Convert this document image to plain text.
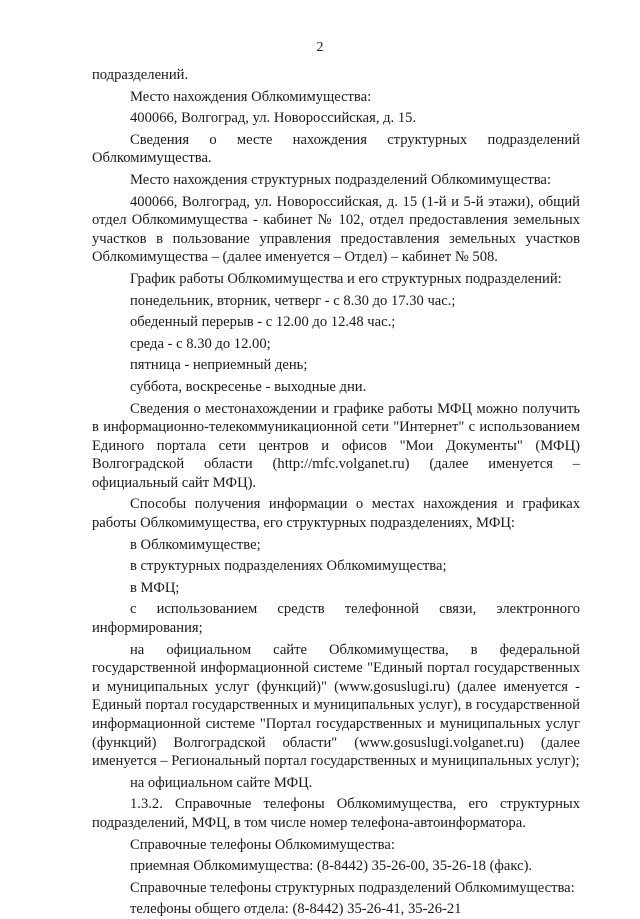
2

подразделений.

Место нахождения Облкомимущества:

400066, Волгоград, ул. Новороссийская, д. 15.

Сведения о месте нахождения структурных подразделений Облкомимущества.

Место нахождения структурных подразделений Облкомимущества:

400066, Волгоград, ул. Новороссийская, д. 15 (1-й и 5-й этажи), общий отдел Облкомимущества - кабинет № 102, отдел предоставления земельных участков в пользование управления предоставления земельных участков Облкомимущества – (далее именуется – Отдел) – кабинет № 508.

График работы Облкомимущества и его структурных подразделений:

понедельник, вторник, четверг - с 8.30 до 17.30 час.;

обеденный перерыв - с 12.00 до 12.48 час.;

среда - с 8.30 до 12.00;

пятница - неприемный день;

суббота, воскресенье - выходные дни.

Сведения о местонахождении и графике работы МФЦ можно получить в информационно-телекоммуникационной сети "Интернет" с использованием Единого портала сети центров и офисов "Мои Документы" (МФЦ) Волгоградской области (http://mfc.volganet.ru) (далее именуется – официальный сайт МФЦ).

Способы получения информации о местах нахождения и графиках работы Облкомимущества, его структурных подразделениях, МФЦ:

в Облкомимуществе;

в структурных подразделениях Облкомимущества;

в МФЦ;

с использованием средств телефонной связи, электронного информирования;

на официальном сайте Облкомимущества, в федеральной государственной информационной системе "Единый портал государственных и муниципальных услуг (функций)" (www.gosuslugi.ru) (далее именуется - Единый портал государственных и муниципальных услуг), в государственной информационной системе "Портал государственных и муниципальных услуг (функций) Волгоградской области" (www.gosuslugi.volganet.ru) (далее именуется – Региональный портал государственных и муниципальных услуг);

на официальном сайте МФЦ.

1.3.2. Справочные телефоны Облкомимущества, его структурных подразделений, МФЦ, в том числе номер телефона-автоинформатора.

Справочные телефоны Облкомимущества:

приемная Облкомимущества: (8-8442) 35-26-00, 35-26-18 (факс).

Справочные телефоны структурных подразделений Облкомимущества:

телефоны общего отдела: (8-8442) 35-26-41, 35-26-21
